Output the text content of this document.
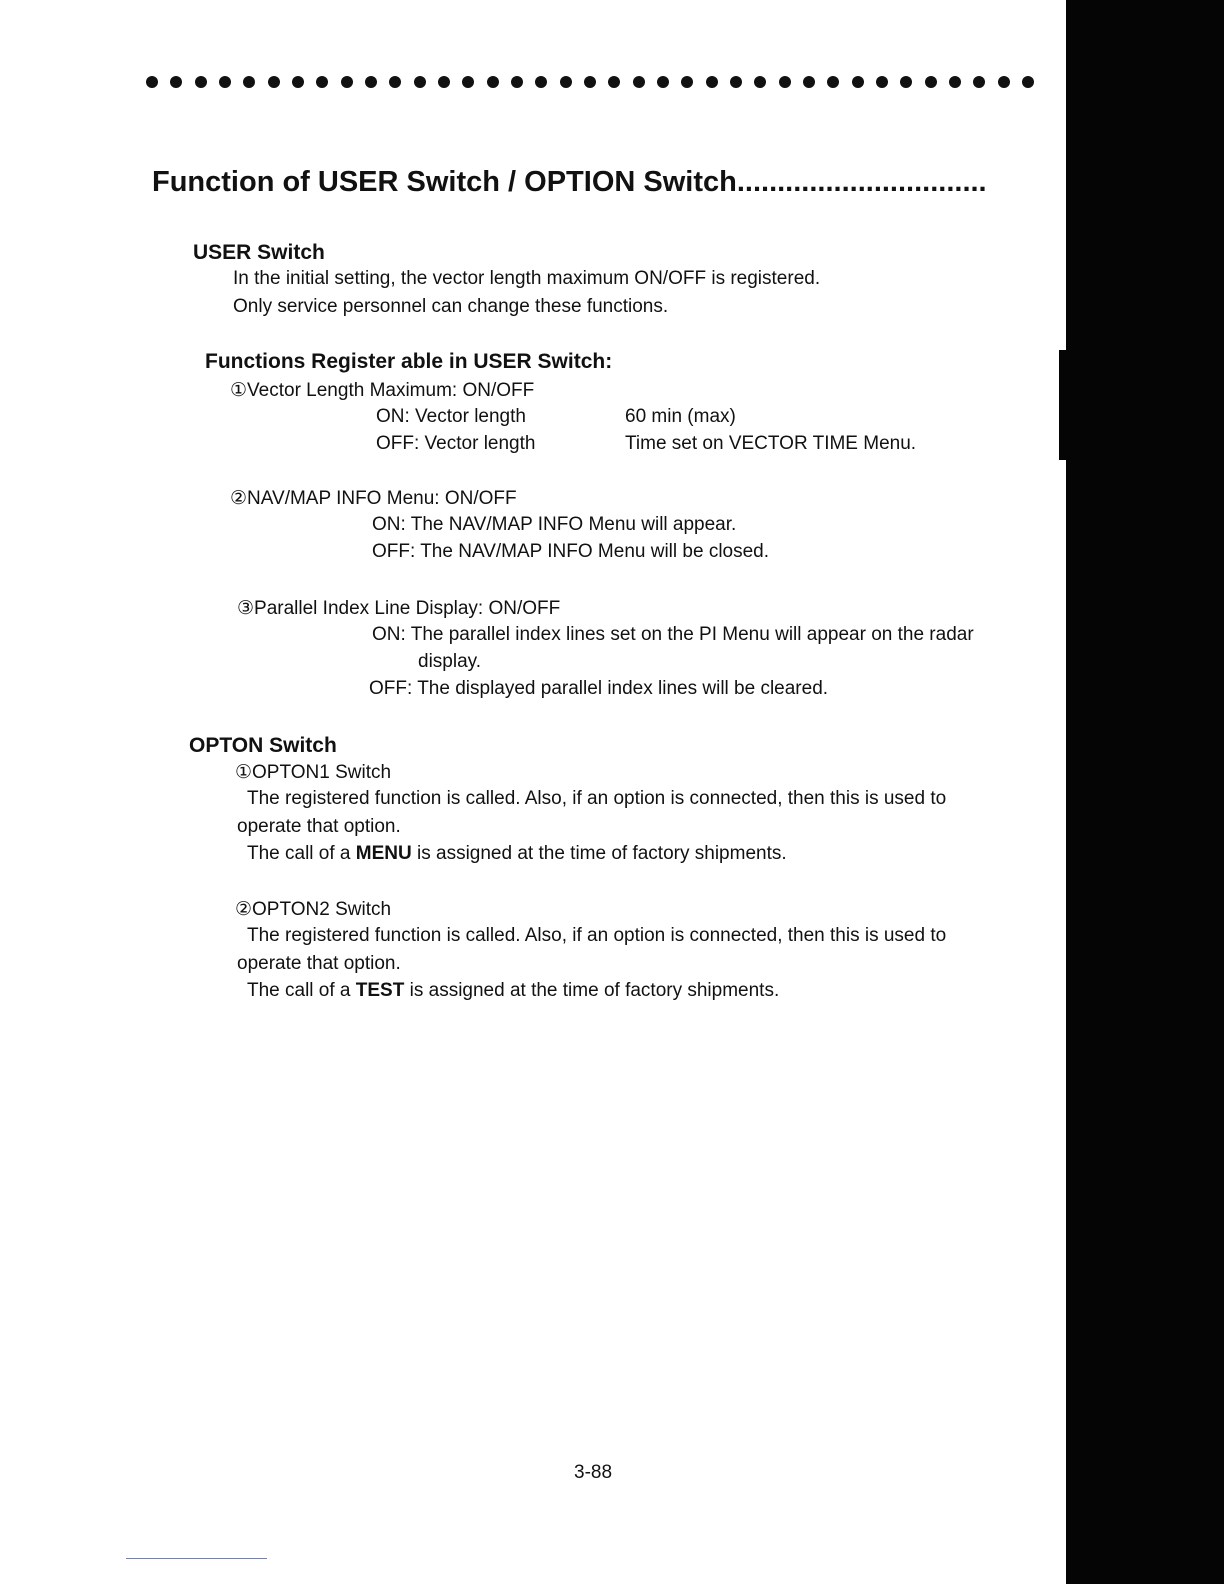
Function of USER Switch / OPTION Switch...............................
USER Switch
In the initial setting, the vector length maximum ON/OFF is registered.
Only service personnel can change these functions.
Functions Register able in USER Switch:
①Vector Length Maximum: ON/OFF
ON: Vector length	60 min (max)
OFF: Vector length	Time set on VECTOR TIME Menu.
②NAV/MAP INFO Menu: ON/OFF
ON: The NAV/MAP INFO Menu will appear.
OFF: The NAV/MAP INFO Menu will be closed.
③Parallel Index Line Display: ON/OFF
ON: The parallel index lines set on the PI Menu will appear on the radar
display.
OFF: The displayed parallel index lines will be cleared.
OPTON Switch
①OPTON1 Switch
The registered function is called. Also, if an option is connected, then this is used to
operate that option.
The call of a MENU is assigned at the time of factory shipments.
②OPTON2 Switch
The registered function is called. Also, if an option is connected, then this is used to
operate that option.
The call of a TEST is assigned at the time of factory shipments.
3-88
